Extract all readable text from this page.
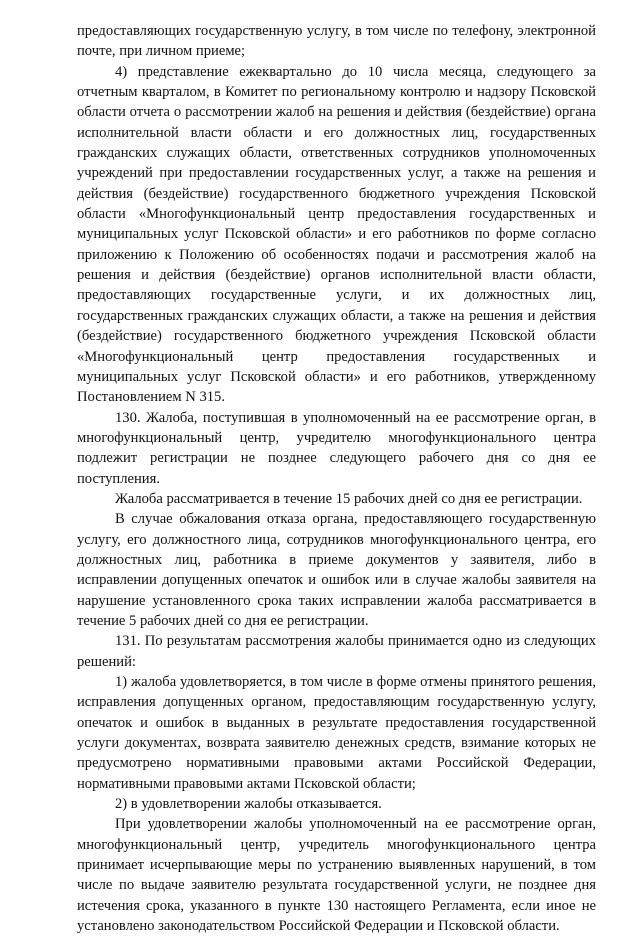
предоставляющих государственную услугу, в том числе по телефону, электронной почте, при личном приеме;

4) представление ежеквартально до 10 числа месяца, следующего за отчетным кварталом, в Комитет по региональному контролю и надзору Псковской области отчета о рассмотрении жалоб на решения и действия (бездействие) органа исполнительной власти области и его должностных лиц, государственных гражданских служащих области, ответственных сотрудников уполномоченных учреждений при предоставлении государственных услуг, а также на решения и действия (бездействие) государственного бюджетного учреждения Псковской области «Многофункциональный центр предоставления государственных и муниципальных услуг Псковской области» и его работников по форме согласно приложению к Положению об особенностях подачи и рассмотрения жалоб на решения и действия (бездействие) органов исполнительной власти области, предоставляющих государственные услуги, и их должностных лиц, государственных гражданских служащих области, а также на решения и действия (бездействие) государственного бюджетного учреждения Псковской области «Многофункциональный центр предоставления государственных и муниципальных услуг Псковской области» и его работников, утвержденному Постановлением N 315.

130. Жалоба, поступившая в уполномоченный на ее рассмотрение орган, в многофункциональный центр, учредителю многофункционального центра подлежит регистрации не позднее следующего рабочего дня со дня ее поступления.

Жалоба рассматривается в течение 15 рабочих дней со дня ее регистрации.

В случае обжалования отказа органа, предоставляющего государственную услугу, его должностного лица, сотрудников многофункционального центра, его должностных лиц, работника в приеме документов у заявителя, либо в исправлении допущенных опечаток и ошибок или в случае жалобы заявителя на нарушение установленного срока таких исправлении жалоба рассматривается в течение 5 рабочих дней со дня ее регистрации.

131. По результатам рассмотрения жалобы принимается одно из следующих решений:

1) жалоба удовлетворяется, в том числе в форме отмены принятого решения, исправления допущенных органом, предоставляющим государственную услугу, опечаток и ошибок в выданных в результате предоставления государственной услуги документах, возврата заявителю денежных средств, взимание которых не предусмотрено нормативными правовыми актами Российской Федерации, нормативными правовыми актами Псковской области;

2) в удовлетворении жалобы отказывается.

При удовлетворении жалобы уполномоченный на ее рассмотрение орган, многофункциональный центр, учредитель многофункционального центра принимает исчерпывающие меры по устранению выявленных нарушений, в том числе по выдаче заявителю результата государственной услуги, не позднее дня истечения срока, указанного в пункте 130 настоящего Регламента, если иное не установлено законодательством Российской Федерации и Псковской области.
